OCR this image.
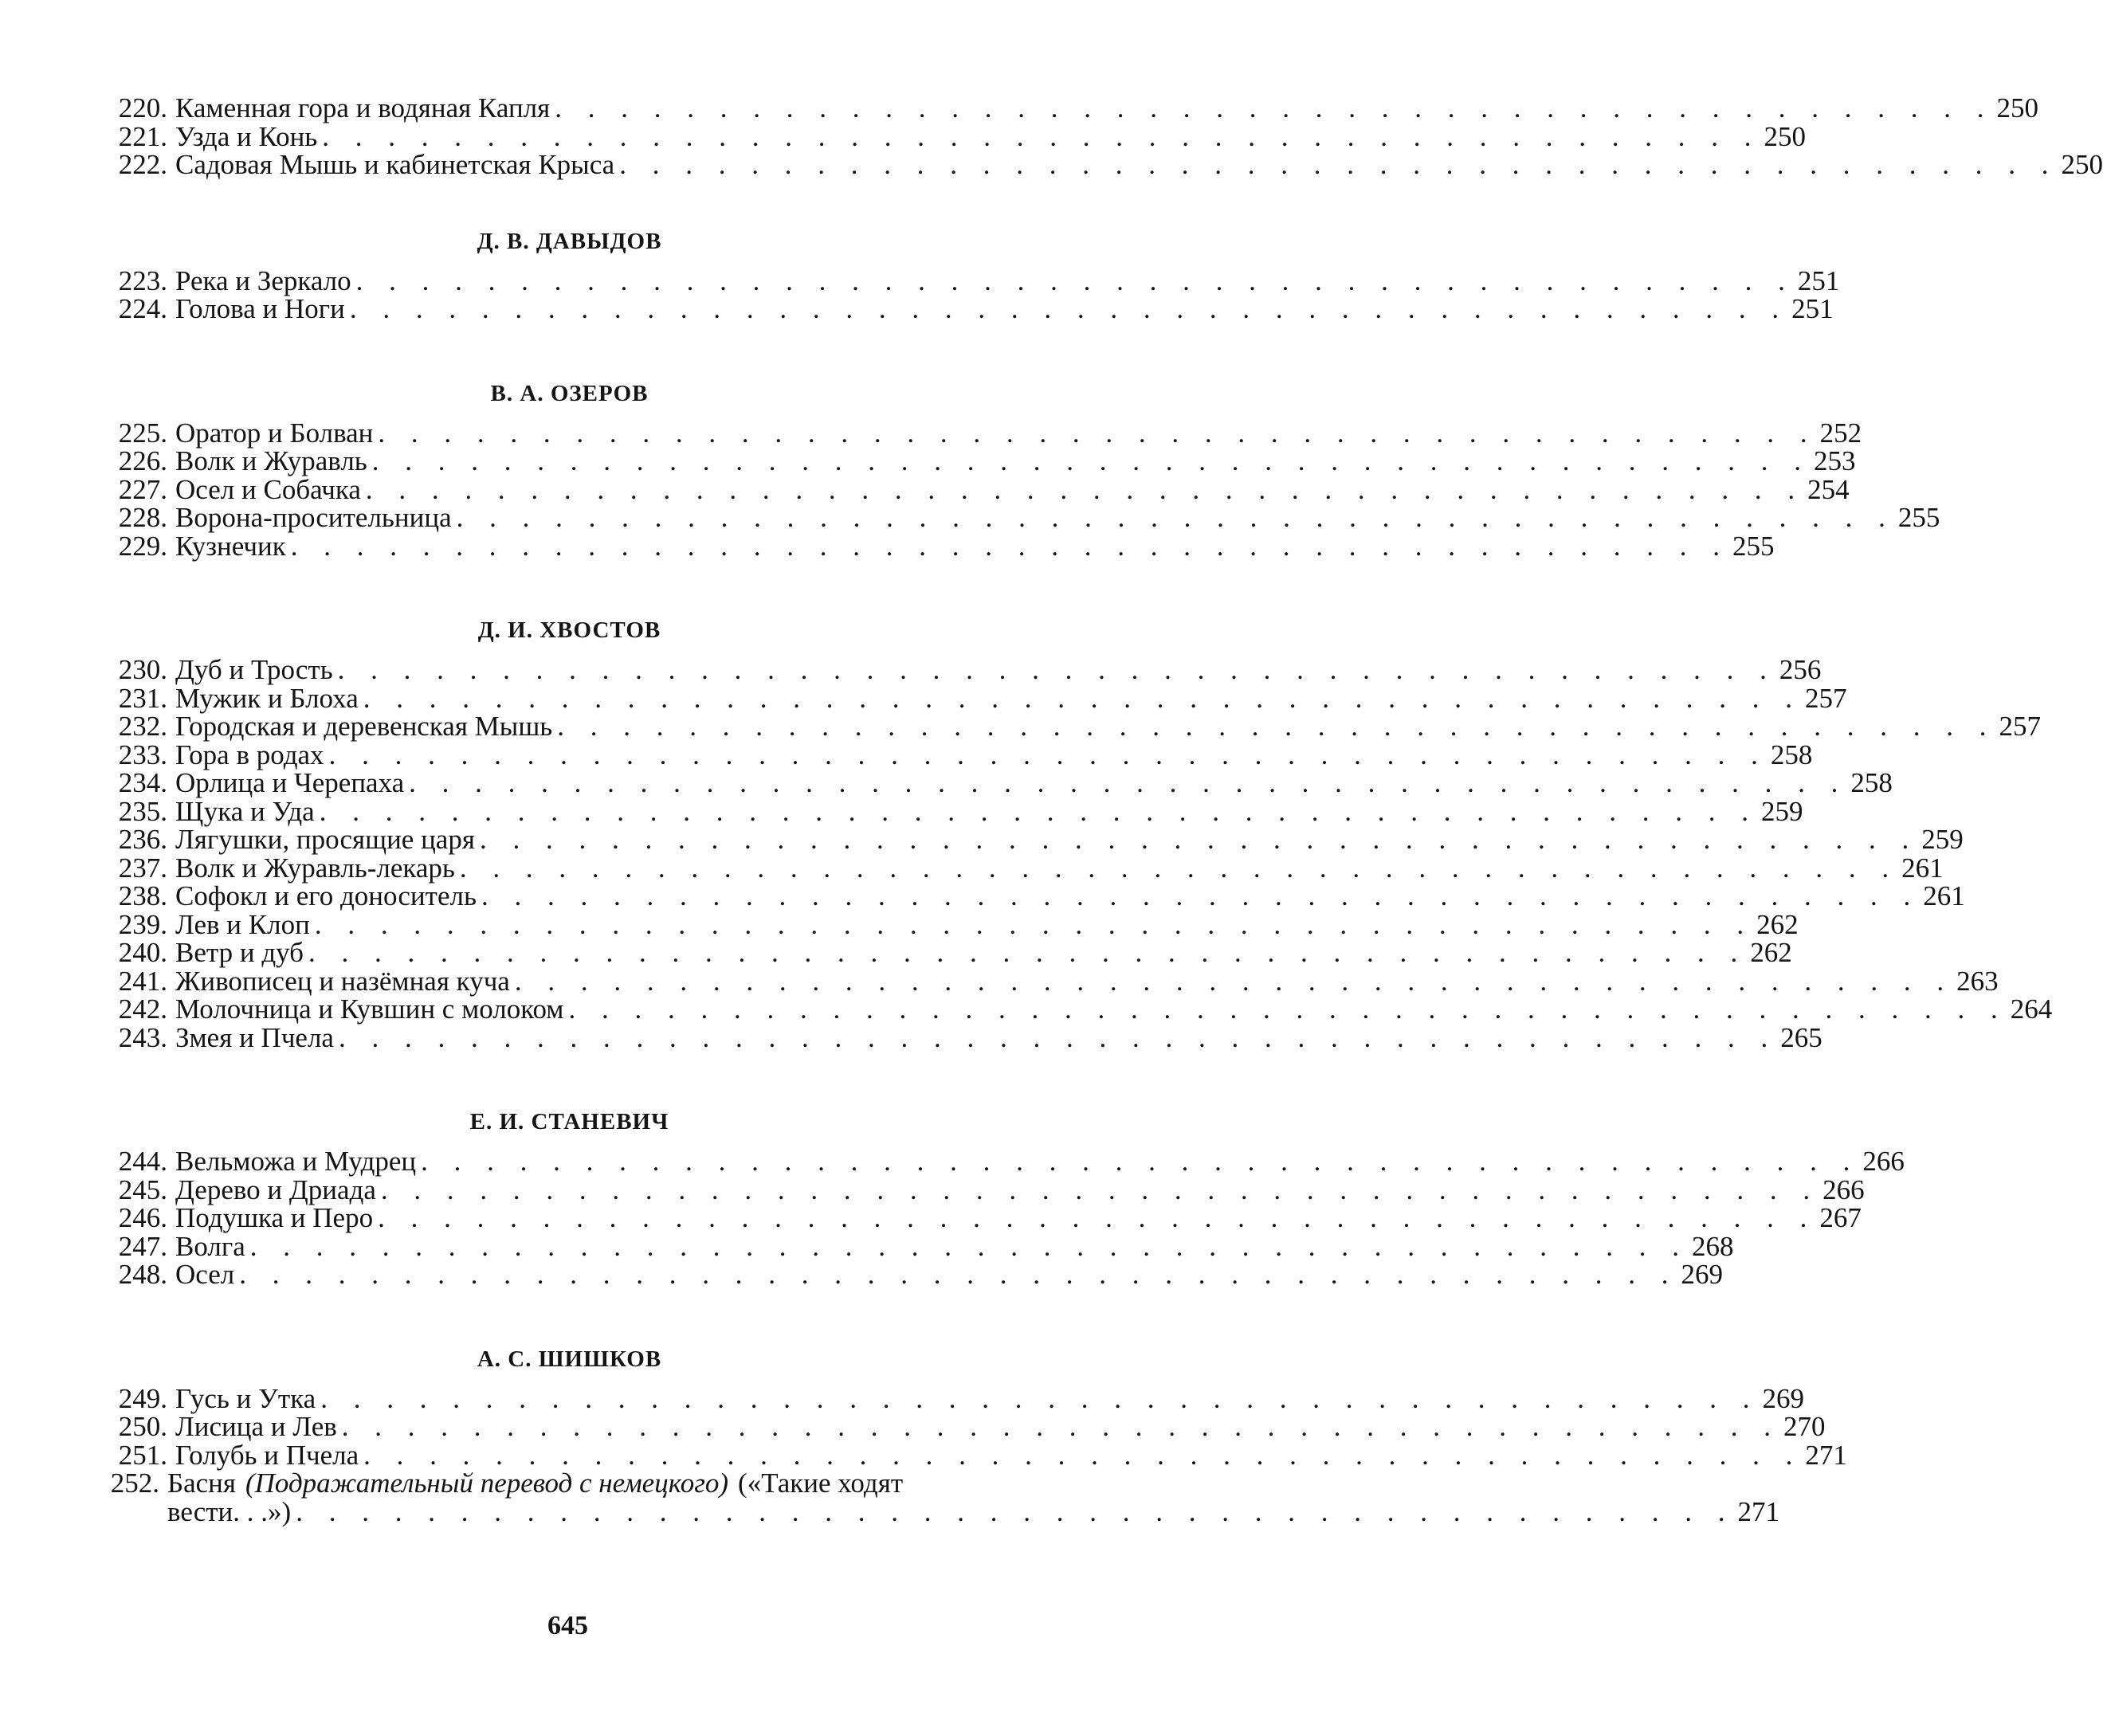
220. Каменная гора и водяная Капля . . . . . . . . . . . . . . . . . . . . . . . . . . . . . . . . . . . . . . . . . . . . 250
221. Узда и Конь . . . . . . . . . . . . . . . . . . . . . . . . . . . . . . . . . . . . . . . . . . . . 250
222. Садовая Мышь и кабинетская Крыса . . . . . . . . . . . . . . . . . . . . . . . . . . . . . . . . . . . . . . . . . . . . 250
Д. В. ДАВЫДОВ
223. Река и Зеркало . . . . . . . . . . . . . . . . . . . . . . . . . . . . . . . . . . . . . . . . . . . . 251
224. Голова и Ноги . . . . . . . . . . . . . . . . . . . . . . . . . . . . . . . . . . . . . . . . . . . . 251
В. А. ОЗЕРОВ
225. Оратор и Болван . . . . . . . . . . . . . . . . . . . . . . . . . . . . . . . . . . . . . . . . . . . . 252
226. Волк и Журавль . . . . . . . . . . . . . . . . . . . . . . . . . . . . . . . . . . . . . . . . . . . . 253
227. Осел и Собачка . . . . . . . . . . . . . . . . . . . . . . . . . . . . . . . . . . . . . . . . . . . . 254
228. Ворона-просительница . . . . . . . . . . . . . . . . . . . . . . . . . . . . . . . . . . . . . . . . . . . . 255
229. Кузнечик . . . . . . . . . . . . . . . . . . . . . . . . . . . . . . . . . . . . . . . . . . . . 255
Д. И. ХВОСТОВ
230. Дуб и Трость . . . . . . . . . . . . . . . . . . . . . . . . . . . . . . . . . . . . . . . . . . . . 256
231. Мужик и Блоха . . . . . . . . . . . . . . . . . . . . . . . . . . . . . . . . . . . . . . . . . . . . 257
232. Городская и деревенская Мышь . . . . . . . . . . . . . . . . . . . . . . . . . . . . . . . . . . . . . . . . . . . . 257
233. Гора в родах . . . . . . . . . . . . . . . . . . . . . . . . . . . . . . . . . . . . . . . . . . . . 258
234. Орлица и Черепаха . . . . . . . . . . . . . . . . . . . . . . . . . . . . . . . . . . . . . . . . . . . . 258
235. Щука и Уда . . . . . . . . . . . . . . . . . . . . . . . . . . . . . . . . . . . . . . . . . . . . 259
236. Лягушки, просящие царя . . . . . . . . . . . . . . . . . . . . . . . . . . . . . . . . . . . . . . . . . . . . 259
237. Волк и Журавль-лекарь . . . . . . . . . . . . . . . . . . . . . . . . . . . . . . . . . . . . . . . . . . . . 261
238. Софокл и его доноситель . . . . . . . . . . . . . . . . . . . . . . . . . . . . . . . . . . . . . . . . . . . . 261
239. Лев и Клоп . . . . . . . . . . . . . . . . . . . . . . . . . . . . . . . . . . . . . . . . . . . . 262
240. Ветр и дуб . . . . . . . . . . . . . . . . . . . . . . . . . . . . . . . . . . . . . . . . . . . . 262
241. Живописец и назёмная куча . . . . . . . . . . . . . . . . . . . . . . . . . . . . . . . . . . . . . . . . . . . . 263
242. Молочница и Кувшин с молоком . . . . . . . . . . . . . . . . . . . . . . . . . . . . . . . . . . . . . . . . . . . . 264
243. Змея и Пчела . . . . . . . . . . . . . . . . . . . . . . . . . . . . . . . . . . . . . . . . . . . . 265
Е. И. СТАНЕВИЧ
244. Вельможа и Мудрец . . . . . . . . . . . . . . . . . . . . . . . . . . . . . . . . . . . . . . . . . . . . 266
245. Дерево и Дриада . . . . . . . . . . . . . . . . . . . . . . . . . . . . . . . . . . . . . . . . . . . . 266
246. Подушка и Перо . . . . . . . . . . . . . . . . . . . . . . . . . . . . . . . . . . . . . . . . . . . . 267
247. Волга . . . . . . . . . . . . . . . . . . . . . . . . . . . . . . . . . . . . . . . . . . . . 268
248. Осел . . . . . . . . . . . . . . . . . . . . . . . . . . . . . . . . . . . . . . . . . . . . 269
А. С. ШИШКОВ
249. Гусь и Утка . . . . . . . . . . . . . . . . . . . . . . . . . . . . . . . . . . . . . . . . . . . . 269
250. Лисица и Лев . . . . . . . . . . . . . . . . . . . . . . . . . . . . . . . . . . . . . . . . . . . . 270
251. Голубь и Пчела . . . . . . . . . . . . . . . . . . . . . . . . . . . . . . . . . . . . . . . . . . . . 271
252. Басня (Подражательный перевод с немецкого) («Такие ходят
вести. . .») . . . . . . . . . . . . . . . . . . . . . . . . . . . . . . . . . . . . . . . . . . . . 271
645
